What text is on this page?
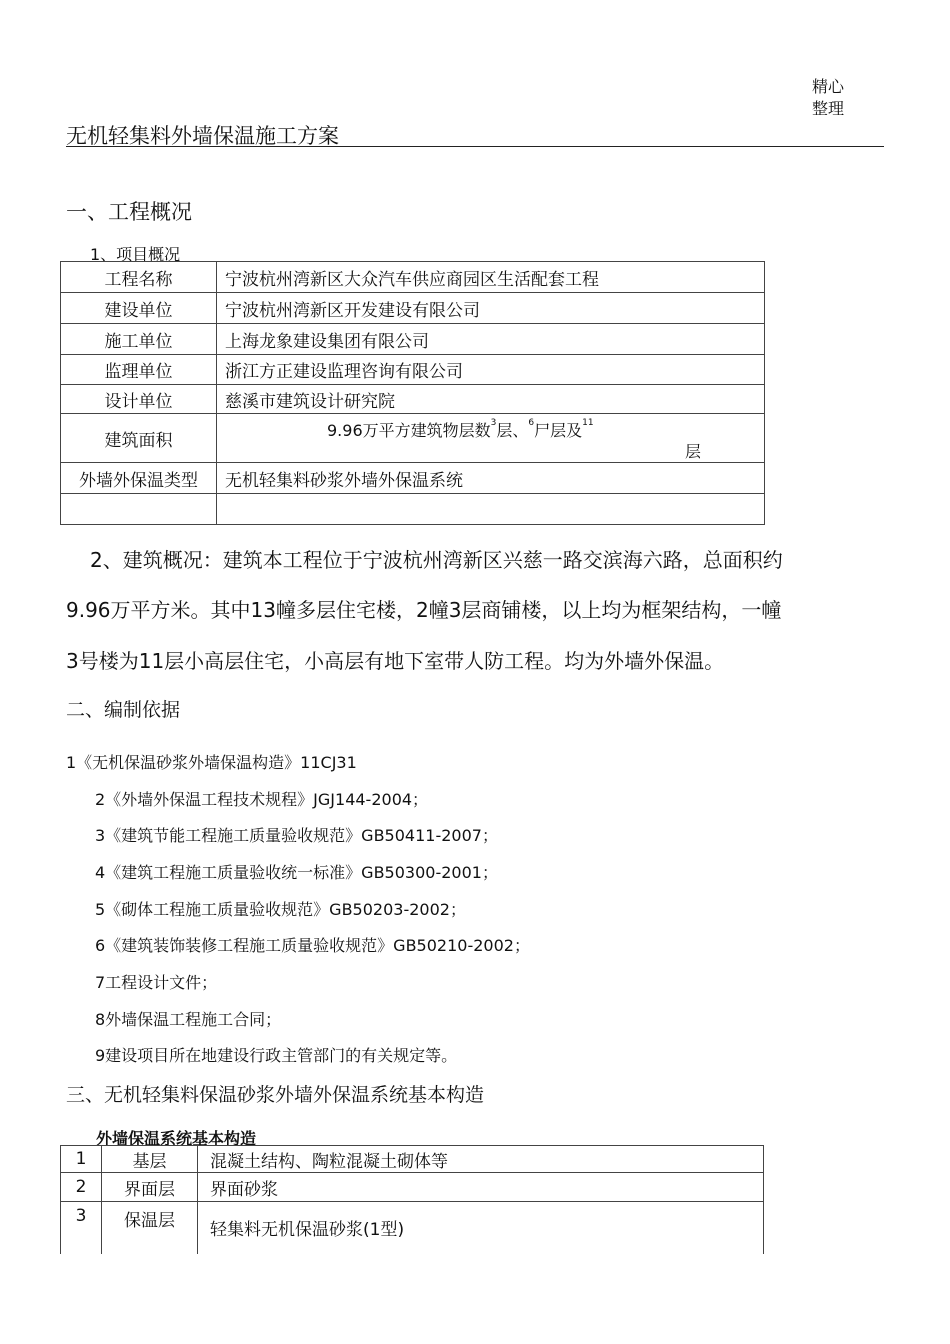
精心
整理
无机轻集料外墙保温施工方案
一、工程概况
1、项目概况
工程名称	宁波杭州湾新区大众汽车供应商园区生活配套工程
建设单位	宁波杭州湾新区开发建设有限公司
施工单位	上海龙象建设集团有限公司
监理单位	浙江方正建设监理咨询有限公司
设计单位	慈溪市建筑设计研究院
建筑面积	9.96万平方建筑物层数$^3$层、$^6$尸层及$^{11}$
层

外墙外保温类型	无机轻集料砂浆外墙外保温系统

2、建筑概况：建筑本工程位于宁波杭州湾新区兴慈一路交滨海六路，总面积约
9.96万平方米。其中13幢多层住宅楼，2幢3层商铺楼，以上均为框架结构，一幢
3号楼为11层小高层住宅，小高层有地下室带人防工程。均为外墙外保温。
二、编制依据
1《无机保温砂浆外墙保温构造》11CJ31
2《外墙外保温工程技术规程》JGJ144-2004；
3《建筑节能工程施工质量验收规范》GB50411-2007；
4《建筑工程施工质量验收统一标准》GB50300-2001；
5《砌体工程施工质量验收规范》GB50203-2002；
6《建筑装饰装修工程施工质量验收规范》GB50210-2002；
7工程设计文件；
8外墙保温工程施工合同；
9建设项目所在地建设行政主管部门的有关规定等。
三、无机轻集料保温砂浆外墙外保温系统基本构造
外墙保温系统基本构造
1	基层	混凝土结构、陶粒混凝土砌体等
2	界面层	界面砂浆
3	保温层	轻集料无机保温砂浆(1型)
